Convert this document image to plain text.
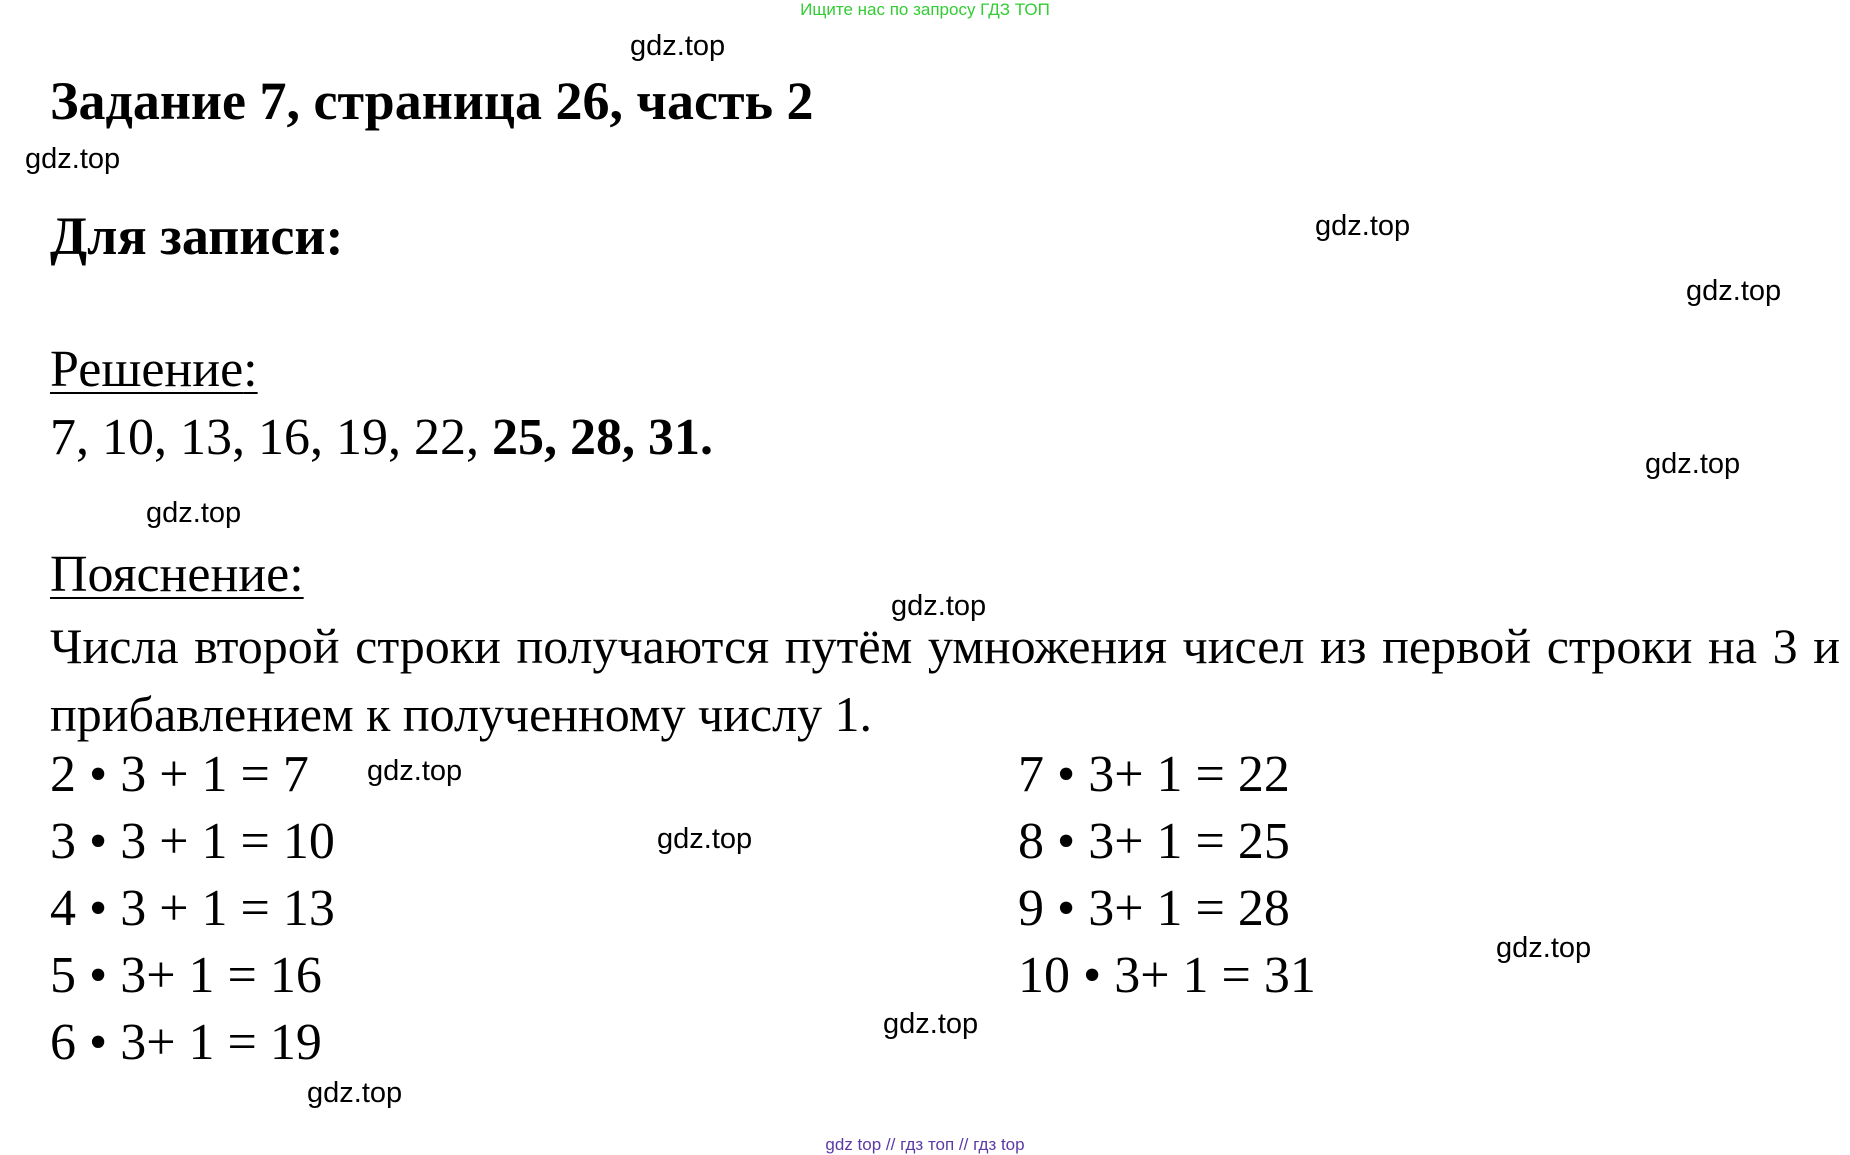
Ищите нас по запросу ГДЗ ТОП
Задание 7, страница 26, часть 2
Для записи:
Решение:
7, 10, 13, 16, 19, 22, 25, 28, 31.
Пояснение:
Числа второй строки получаются путём умножения чисел из первой строки на 3 и прибавлением к полученному числу 1.
2 • 3 + 1 = 7
3 • 3 + 1 = 10
4 • 3 + 1 = 13
5 • 3+ 1 = 16
6 • 3+ 1 = 19
7 • 3+ 1 = 22
8 • 3+ 1 = 25
9 • 3+ 1 = 28
10 • 3+ 1 = 31
gdz.top
gdz.top
gdz.top
gdz.top
gdz.top
gdz.top
gdz.top
gdz.top
gdz.top
gdz.top
gdz.top
gdz.top
gdz top // гдз топ // гдз top
